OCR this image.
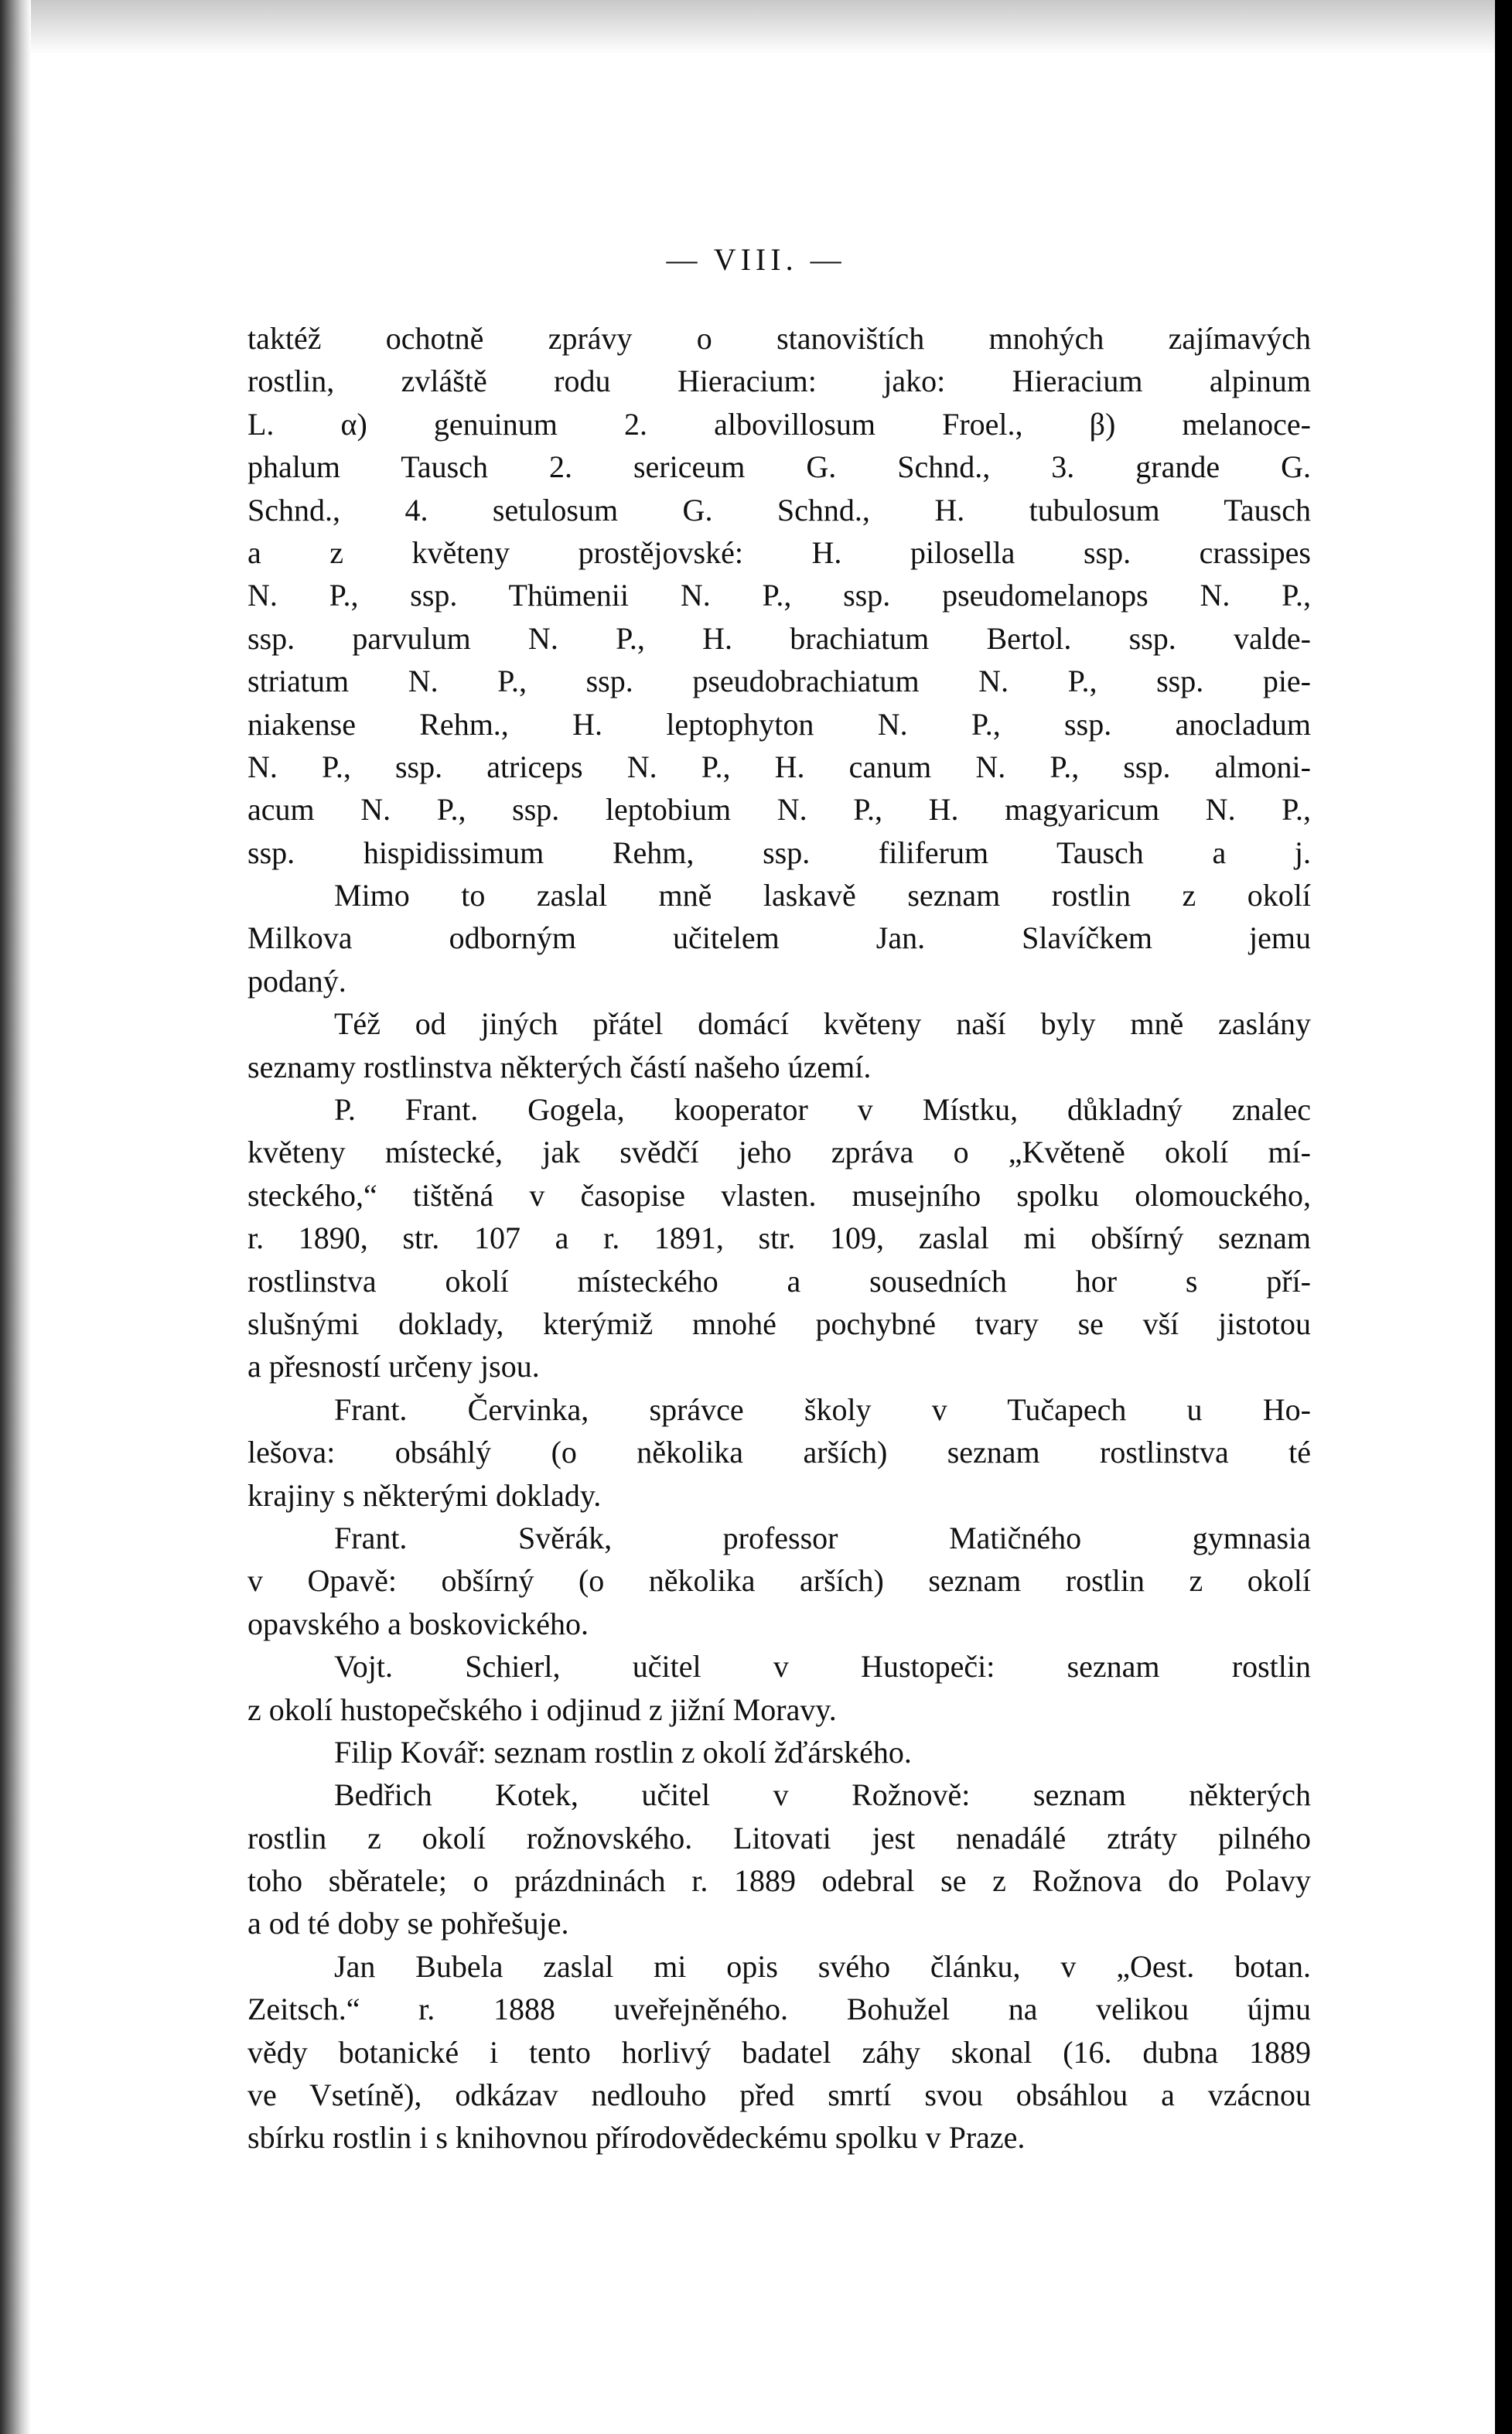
— VIII. —
taktéž ochotně zprávy o stanovištích mnohých zajímavých
rostlin, zvláště rodu Hieracium: jako: Hieracium alpinum
L. α) genuinum 2. albovillosum Froel., β) melanoce-
phalum Tausch 2. sericeum G. Schnd., 3. grande G.
Schnd., 4. setulosum G. Schnd., H. tubulosum Tausch
a z květeny prostějovské: H. pilosella ssp. crassipes
N. P., ssp. Thümenii N. P., ssp. pseudomelanops N. P.,
ssp. parvulum N. P., H. brachiatum Bertol. ssp. valde-
striatum N. P., ssp. pseudobrachiatum N. P., ssp. pie-
niakense Rehm., H. leptophyton N. P., ssp. anocladum
N. P., ssp. atriceps N. P., H. canum N. P., ssp. almoni-
acum N. P., ssp. leptobium N. P., H. magyaricum N. P.,
ssp. hispidissimum Rehm, ssp. filiferum Tausch a j.
Mimo to zaslal mně laskavě seznam rostlin z okolí
Milkova odborným učitelem Jan. Slavíčkem jemu
podaný.
Též od jiných přátel domácí květeny naší byly mně zaslány
seznamy rostlinstva některých částí našeho území.
P. Frant. Gogela, kooperator v Místku, důkladný znalec
květeny místecké, jak svědčí jeho zpráva o „Květeně okolí mí-
steckého,“ tištěná v časopise vlasten. musejního spolku olomouckého,
r. 1890, str. 107 a r. 1891, str. 109, zaslal mi obšírný seznam
rostlinstva okolí místeckého a sousedních hor s pří-
slušnými doklady, kterýmiž mnohé pochybné tvary se vší jistotou
a přesností určeny jsou.
Frant. Červinka, správce školy v Tučapech u Ho-
lešova: obsáhlý (o několika arších) seznam rostlinstva té
krajiny s některými doklady.
Frant. Svěrák, professor Matičného gymnasia
v Opavě: obšírný (o několika arších) seznam rostlin z okolí
opavského a boskovického.
Vojt. Schierl, učitel v Hustopeči: seznam rostlin
z okolí hustopečského i odjinud z jižní Moravy.
Filip Kovář: seznam rostlin z okolí žďárského.
Bedřich Kotek, učitel v Rožnově: seznam některých
rostlin z okolí rožnovského. Litovati jest nenadálé ztráty pilného
toho sběratele; o prázdninách r. 1889 odebral se z Rožnova do Polavy
a od té doby se pohřešuje.
Jan Bubela zaslal mi opis svého článku, v „Oest. botan.
Zeitsch.“ r. 1888 uveřejněného. Bohužel na velikou újmu
vědy botanické i tento horlivý badatel záhy skonal (16. dubna 1889
ve Vsetíně), odkázav nedlouho před smrtí svou obsáhlou a vzácnou
sbírku rostlin i s knihovnou přírodovědeckému spolku v Praze.
